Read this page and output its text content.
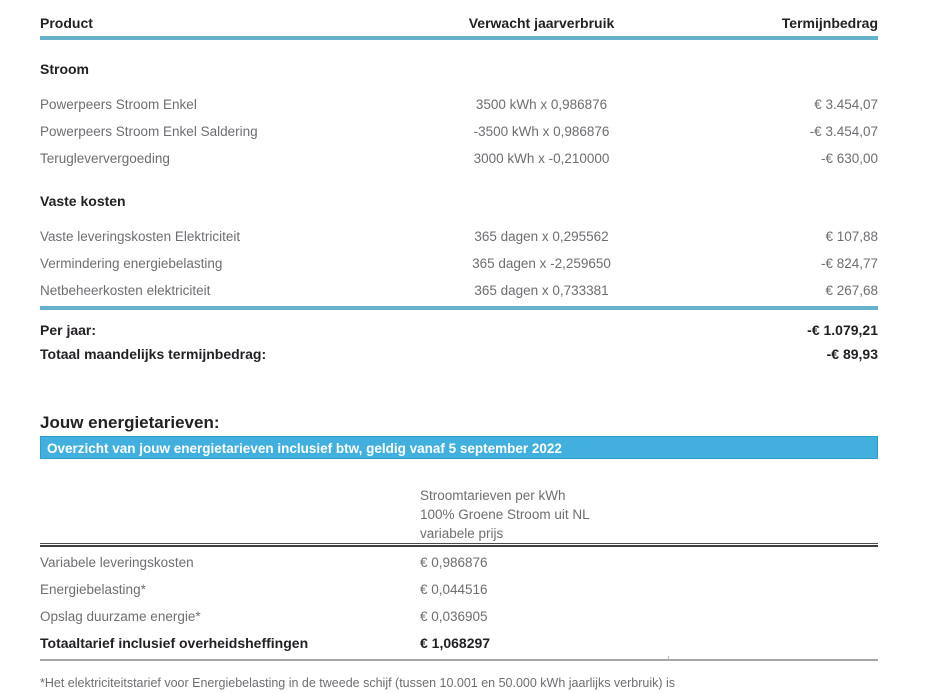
Product	Verwacht jaarverbruik	Termijnbedrag
Stroom
Powerpeers Stroom Enkel	3500 kWh x 0,986876	€ 3.454,07
Powerpeers Stroom Enkel Saldering	-3500 kWh x 0,986876	-€ 3.454,07
Terugleververgoeding	3000 kWh x -0,210000	-€ 630,00
Vaste kosten
Vaste leveringskosten Elektriciteit	365 dagen x 0,295562	€ 107,88
Vermindering energiebelasting	365 dagen x -2,259650	-€ 824,77
Netbeheerkosten elektriciteit	365 dagen x 0,733381	€ 267,68
Per jaar:	-€ 1.079,21
Totaal maandelijks termijnbedrag:	-€ 89,93
Jouw energietarieven:
Overzicht van jouw energietarieven inclusief btw, geldig vanaf 5 september 2022
Stroomtarieven per kWh
100% Groene Stroom uit NL
variabele prijs
Variabele leveringskosten	€ 0,986876
Energiebelasting*	€ 0,044516
Opslag duurzame energie*	€ 0,036905
Totaaltarief inclusief overheidsheffingen	€ 1,068297
*Het elektriciteitstarief voor Energiebelasting in de tweede schijf (tussen 10.001 en 50.000 kWh jaarlijks verbruik) is
